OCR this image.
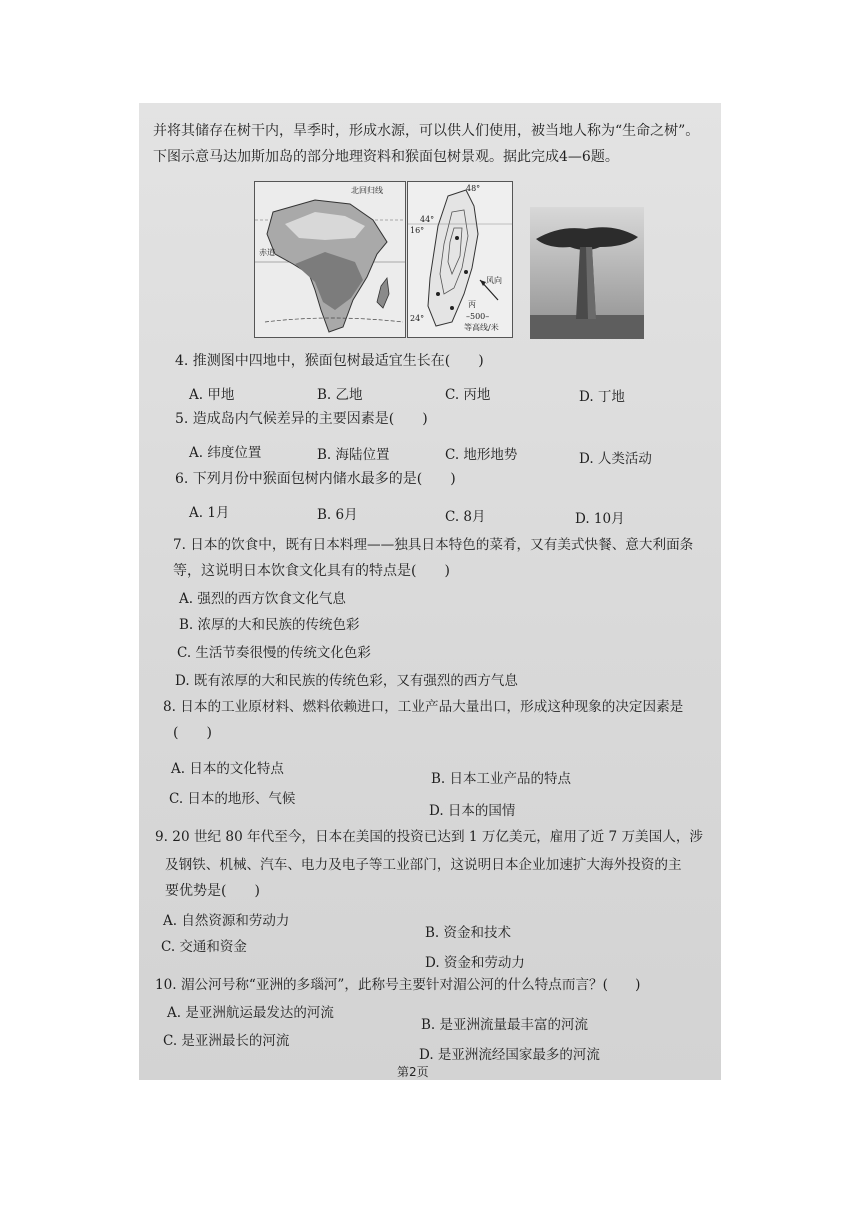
并将其储存在树干内，旱季时，形成水源，可以供人们使用，被当地人称为“生命之树”。
下图示意马达加斯加岛的部分地理资料和猴面包树景观。据此完成4—6题。
北回归线
赤道
48°
44°
16°
24°
风向
丙
–500–
等高线/米
4. 推测图中四地中，猴面包树最适宜生长在(　　)
A. 甲地	B. 乙地	C. 丙地	D. 丁地
5. 造成岛内气候差异的主要因素是(　　)
A. 纬度位置	B. 海陆位置	C. 地形地势	D. 人类活动
6. 下列月份中猴面包树内储水最多的是(　　)
A. 1月	B. 6月	C. 8月	D. 10月
7. 日本的饮食中，既有日本料理——独具日本特色的菜肴，又有美式快餐、意大利面条
等，这说明日本饮食文化具有的特点是(　　)
A. 强烈的西方饮食文化气息
B. 浓厚的大和民族的传统色彩
C. 生活节奏很慢的传统文化色彩
D. 既有浓厚的大和民族的传统色彩，又有强烈的西方气息
8. 日本的工业原材料、燃料依赖进口，工业产品大量出口，形成这种现象的决定因素是
(　　)
A. 日本的文化特点
B. 日本工业产品的特点
C. 日本的地形、气候
D. 日本的国情
9. 20 世纪 80 年代至今，日本在美国的投资已达到 1 万亿美元，雇用了近 7 万美国人，涉
及钢铁、机械、汽车、电力及电子等工业部门，这说明日本企业加速扩大海外投资的主
要优势是(　　)
A. 自然资源和劳动力
B. 资金和技术
C. 交通和资金
D. 资金和劳动力
10. 湄公河号称“亚洲的多瑙河”，此称号主要针对湄公河的什么特点而言？(　　)
A. 是亚洲航运最发达的河流
B. 是亚洲流量最丰富的河流
C. 是亚洲最长的河流
D. 是亚洲流经国家最多的河流
第2页
